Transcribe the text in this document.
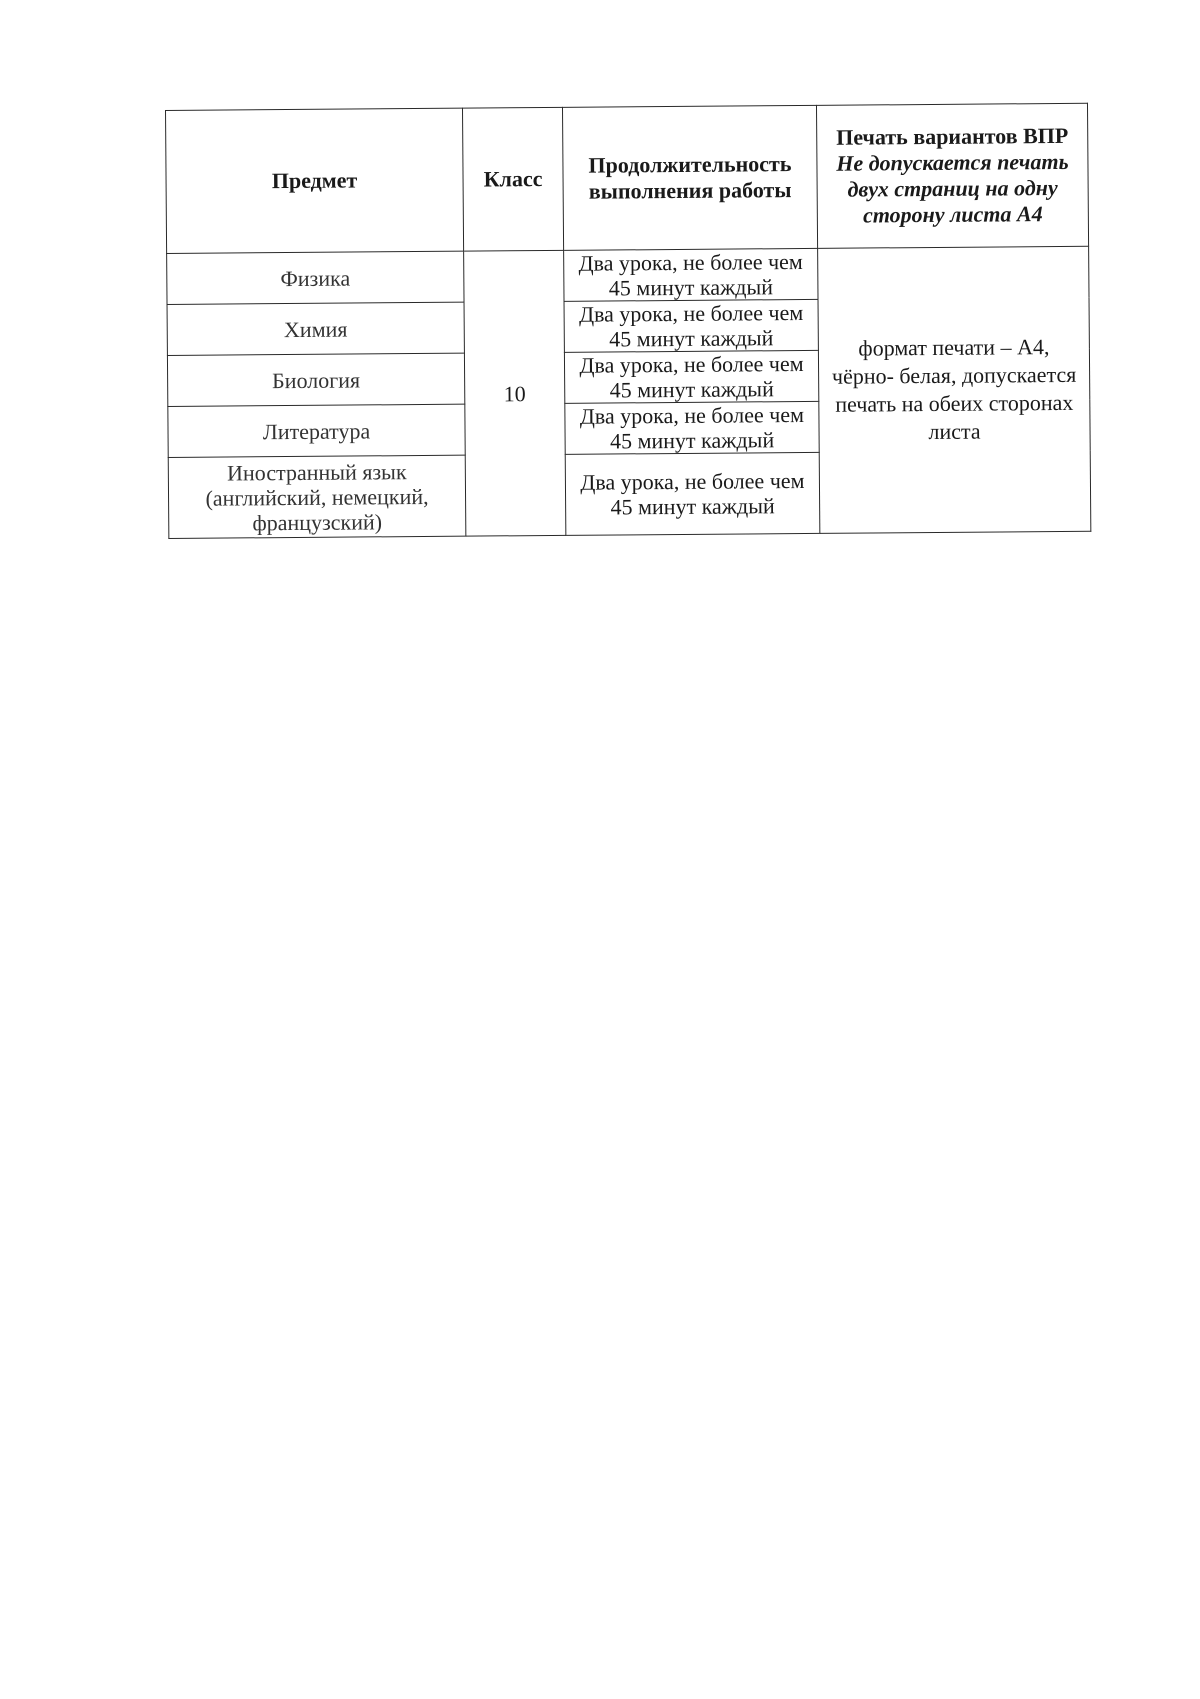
Предмет	Класс	Продолжительность выполнения работы	Печать вариантов ВПР
Не допускается печать двух страниц на одну сторону листа А4

Физика	10	Два урока, не более чем 45 минут каждый	формат печати – А4, чёрно- белая, допускается печать на обеих сторонах листа
Химия		Два урока, не более чем 45 минут каждый	
Биология		Два урока, не более чем 45 минут каждый	
Литература		Два урока, не более чем 45 минут каждый	
Иностранный язык (английский, немецкий, французский)		Два урока, не более чем 45 минут каждый	
